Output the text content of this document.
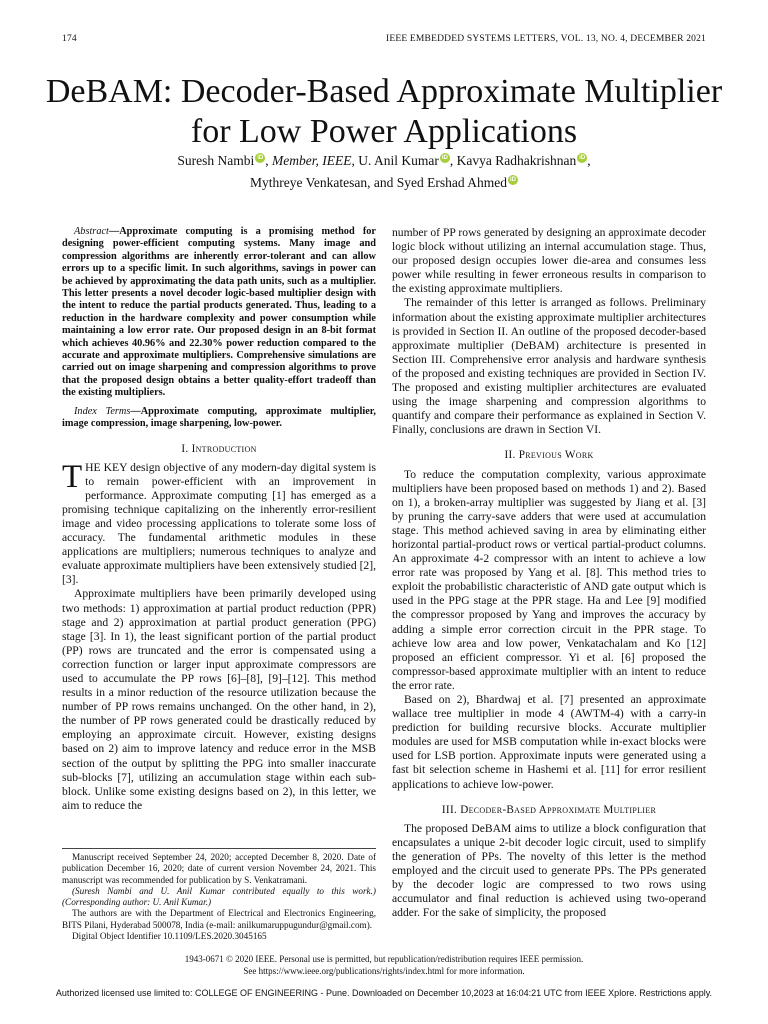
174	IEEE EMBEDDED SYSTEMS LETTERS, VOL. 13, NO. 4, DECEMBER 2021
DeBAM: Decoder-Based Approximate Multiplier
for Low Power Applications
Suresh Nambi iD , Member, IEEE, U. Anil Kumar iD , Kavya Radhakrishnan iD ,
Mythreye Venkatesan, and Syed Ershad Ahmed iD

Abstract—Approximate computing is a promising method for designing power-efficient computing systems. Many image and compression algorithms are inherently error-tolerant and can allow errors up to a specific limit. In such algorithms, savings in power can be achieved by approximating the data path units, such as a multiplier. This letter presents a novel decoder logic-based multiplier design with the intent to reduce the partial products generated. Thus, leading to a reduction in the hardware complexity and power consumption while maintaining a low error rate. Our proposed design in an 8-bit format which achieves 40.96% and 22.30% power reduction compared to the accurate and approximate multipliers. Comprehensive simulations are carried out on image sharpening and compression algorithms to prove that the proposed design obtains a better quality-effort tradeoff than the existing multipliers.

Index Terms—Approximate computing, approximate multiplier, image compression, image sharpening, low-power.

I. Introduction

THE KEY design objective of any modern-day digital system is to remain power-efficient with an improvement in performance. Approximate computing [1] has emerged as a promising technique capitalizing on the inherently error-resilient image and video processing applications to tolerate some loss of accuracy. The fundamental arithmetic modules in these applications are multipliers; numerous techniques to analyze and evaluate approximate multipliers have been extensively studied [2], [3].

Approximate multipliers have been primarily developed using two methods: 1) approximation at partial product reduction (PPR) stage and 2) approximation at partial product generation (PPG) stage [3]. In 1), the least significant portion of the partial product (PP) rows are truncated and the error is compensated using a correction function or larger input approximate compressors are used to accumulate the PP rows [6]–[8], [9]–[12]. This method results in a minor reduction of the resource utilization because the number of PP rows remains unchanged. On the other hand, in 2), the number of PP rows generated could be drastically reduced by employing an approximate circuit. However, existing designs based on 2) aim to improve latency and reduce error in the MSB section of the output by splitting the PPG into smaller inaccurate sub-blocks [7], utilizing an accumulation stage within each sub-block. Unlike some existing designs based on 2), in this letter, we aim to reduce the

Manuscript received September 24, 2020; accepted December 8, 2020. Date of publication December 16, 2020; date of current version November 24, 2021. This manuscript was recommended for publication by S. Venkatramani.

(Suresh Nambi and U. Anil Kumar contributed equally to this work.) (Corresponding author: U. Anil Kumar.)

The authors are with the Department of Electrical and Electronics Engineering, BITS Pilani, Hyderabad 500078, India (e-mail: anilkumaruppugundur@gmail.com).

Digital Object Identifier 10.1109/LES.2020.3045165

number of PP rows generated by designing an approximate decoder logic block without utilizing an internal accumulation stage. Thus, our proposed design occupies lower die-area and consumes less power while resulting in fewer erroneous results in comparison to the existing approximate multipliers.

The remainder of this letter is arranged as follows. Preliminary information about the existing approximate multiplier architectures is provided in Section II. An outline of the proposed decoder-based approximate multiplier (DeBAM) architecture is presented in Section III. Comprehensive error analysis and hardware synthesis of the proposed and existing techniques are provided in Section IV. The proposed and existing multiplier architectures are evaluated using the image sharpening and compression algorithms to quantify and compare their performance as explained in Section V. Finally, conclusions are drawn in Section VI.

II. Previous Work

To reduce the computation complexity, various approximate multipliers have been proposed based on methods 1) and 2). Based on 1), a broken-array multiplier was suggested by Jiang et al. [3] by pruning the carry-save adders that were used at accumulation stage. This method achieved saving in area by eliminating either horizontal partial-product rows or vertical partial-product columns. An approximate 4-2 compressor with an intent to achieve a low error rate was proposed by Yang et al. [8]. This method tries to exploit the probabilistic characteristic of AND gate output which is used in the PPG stage at the PPR stage. Ha and Lee [9] modified the compressor proposed by Yang and improves the accuracy by adding a simple error correction circuit in the PPR stage. To achieve low area and low power, Venkatachalam and Ko [12] proposed an efficient compressor. Yi et al. [6] proposed the compressor-based approximate multiplier with an intent to reduce the error rate.

Based on 2), Bhardwaj et al. [7] presented an approximate wallace tree multiplier in mode 4 (AWTM-4) with a carry-in prediction for building recursive blocks. Accurate multiplier modules are used for MSB computation while in-exact blocks were used for LSB portion. Approximate inputs were generated using a fast bit selection scheme in Hashemi et al. [11] for error resilient applications to achieve low-power.

III. Decoder-Based Approximate Multiplier

The proposed DeBAM aims to utilize a block configuration that encapsulates a unique 2-bit decoder logic circuit, used to simplify the generation of PPs. The novelty of this letter is the method employed and the circuit used to generate PPs. The PPs generated by the decoder logic are compressed to two rows using accumulator and final reduction is achieved using two-operand adder. For the sake of simplicity, the proposed

1943-0671 © 2020 IEEE. Personal use is permitted, but republication/redistribution requires IEEE permission.
See https://www.ieee.org/publications/rights/index.html for more information.
Authorized licensed use limited to: COLLEGE OF ENGINEERING - Pune. Downloaded on December 10,2023 at 16:04:21 UTC from IEEE Xplore. Restrictions apply.
